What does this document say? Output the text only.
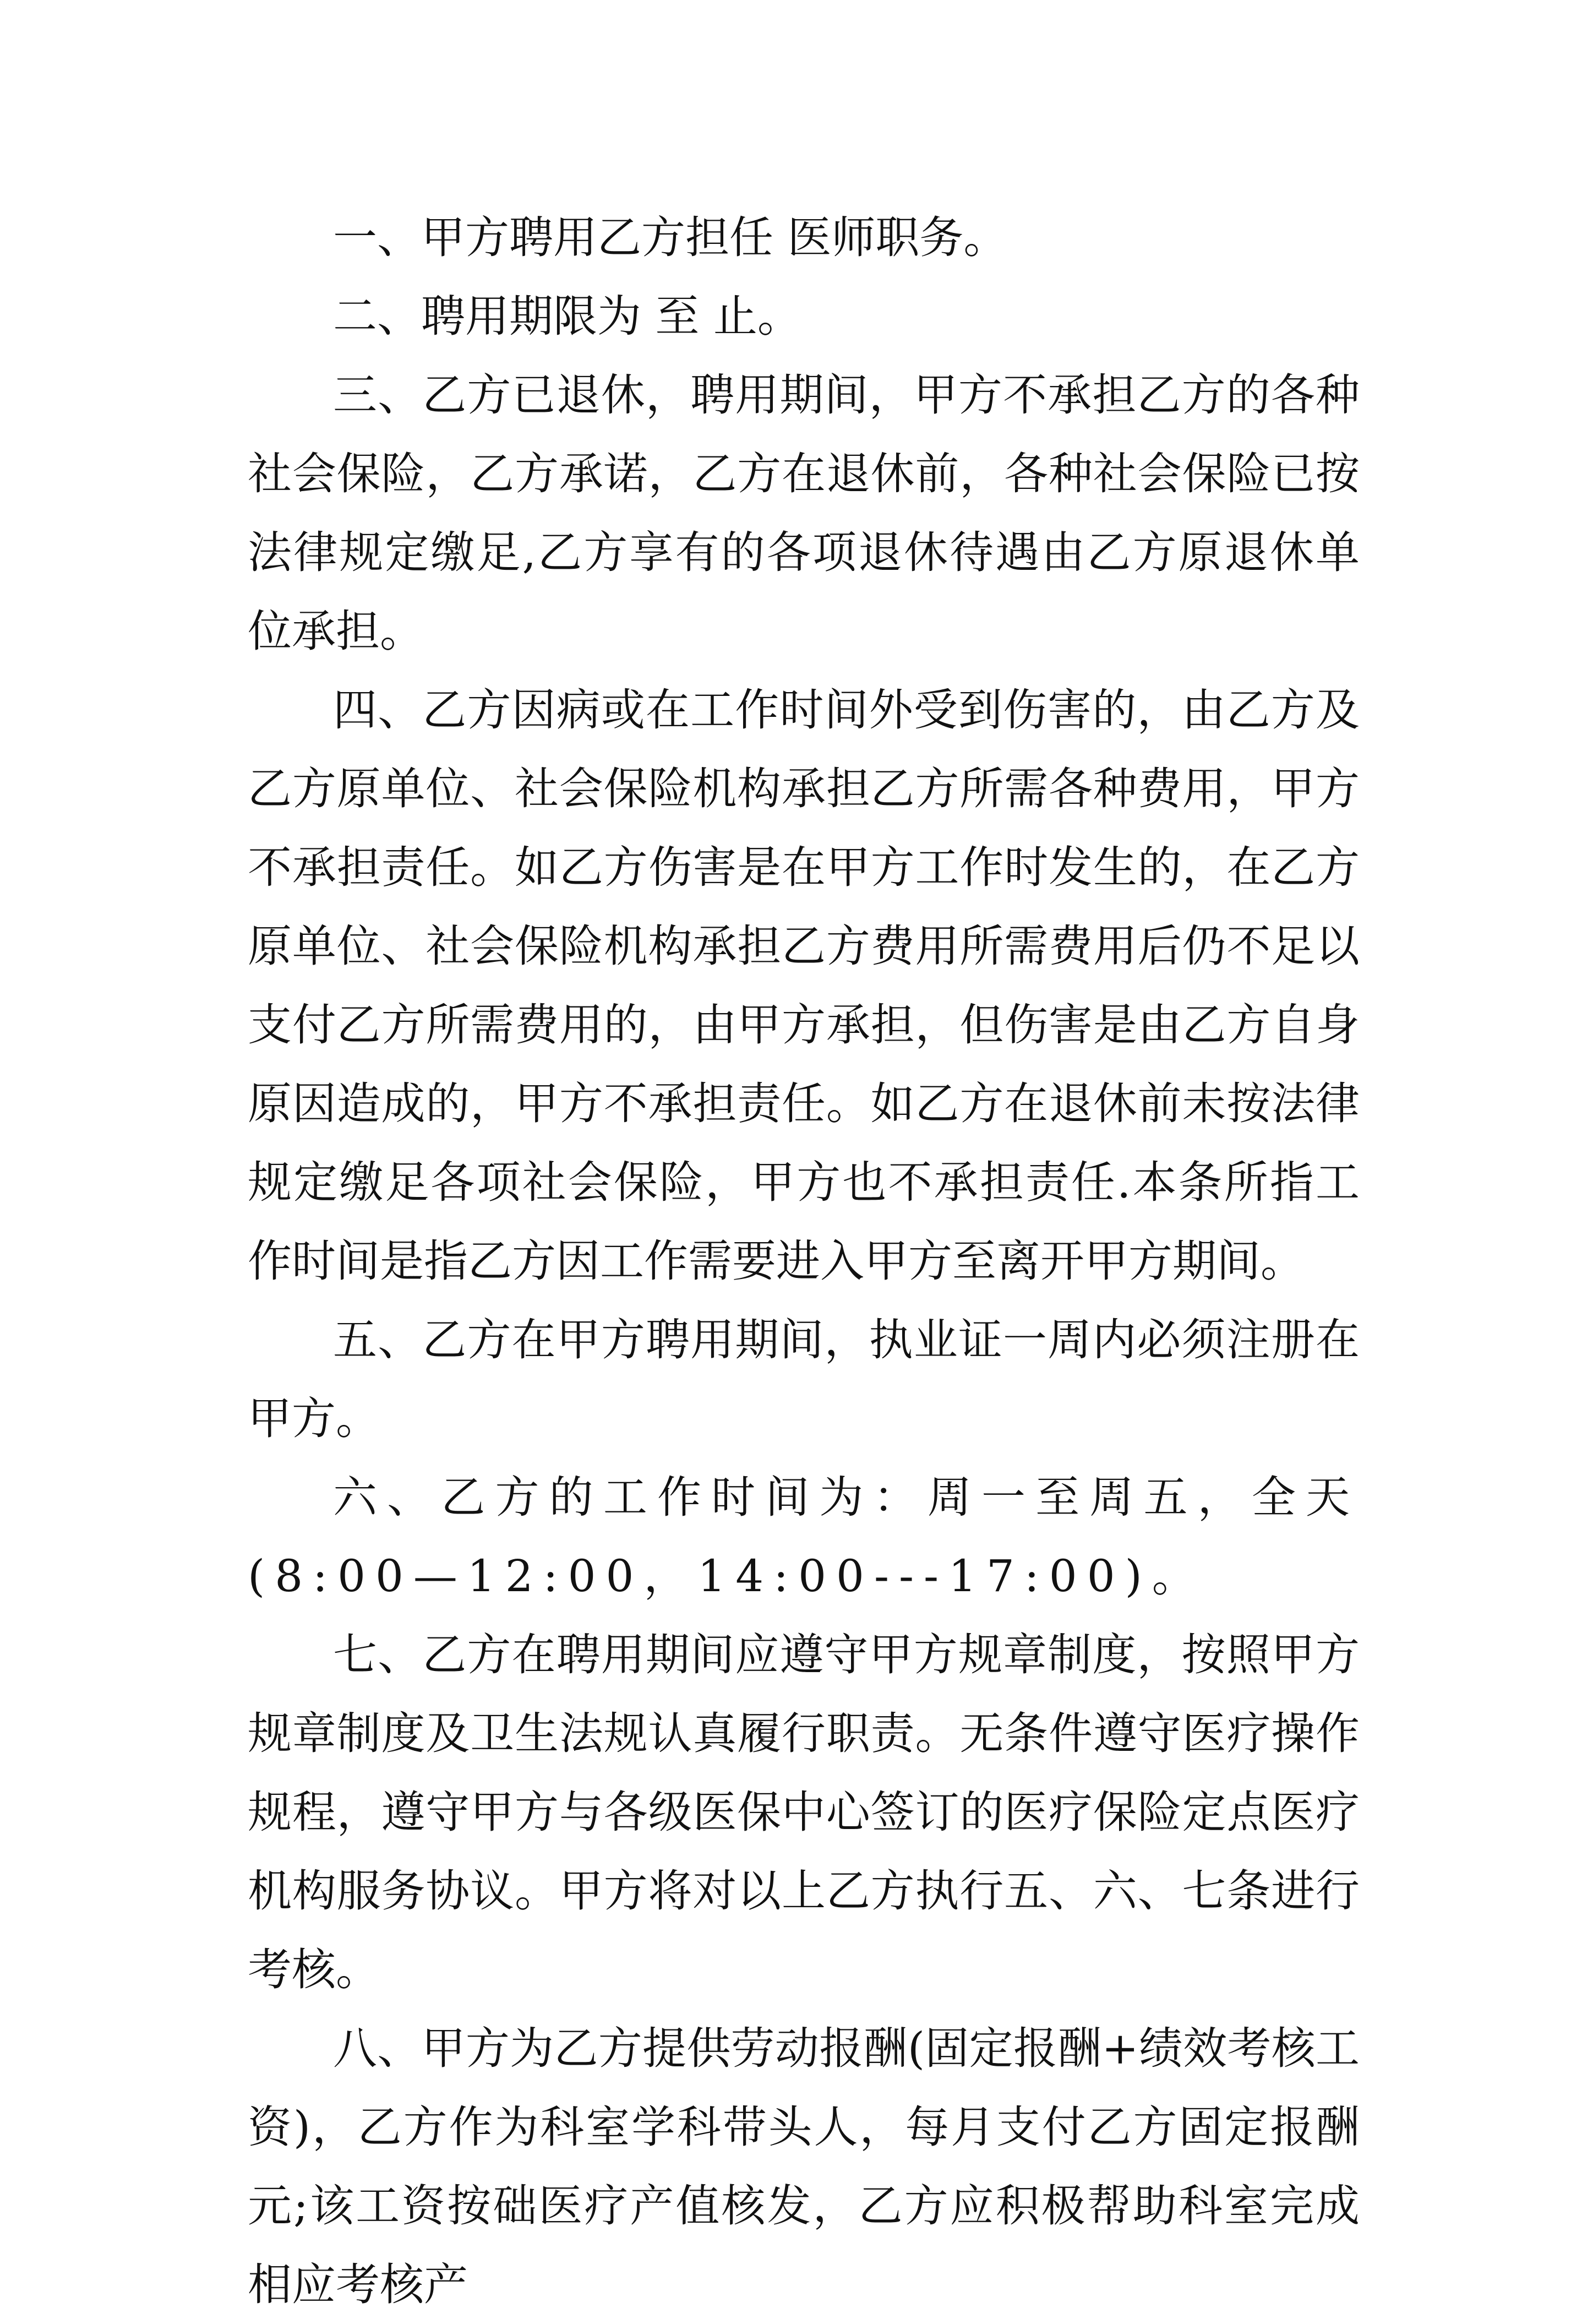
一、甲方聘用乙方担任 医师职务。

二、聘用期限为 至 止。

三、乙方已退休，聘用期间，甲方不承担乙方的各种社会保险，乙方承诺，乙方在退休前，各种社会保险已按法律规定缴足,乙方享有的各项退休待遇由乙方原退休单位承担。

四、乙方因病或在工作时间外受到伤害的，由乙方及乙方原单位、社会保险机构承担乙方所需各种费用，甲方不承担责任。如乙方伤害是在甲方工作时发生的，在乙方原单位、社会保险机构承担乙方费用所需费用后仍不足以支付乙方所需费用的，由甲方承担，但伤害是由乙方自身原因造成的，甲方不承担责任。如乙方在退休前未按法律规定缴足各项社会保险，甲方也不承担责任.本条所指工作时间是指乙方因工作需要进入甲方至离开甲方期间。

五、乙方在甲方聘用期间，执业证一周内必须注册在甲方。

六、乙方的工作时间为：周一至周五，全天(8:00—12:00，14:00---17:00)。

七、乙方在聘用期间应遵守甲方规章制度，按照甲方规章制度及卫生法规认真履行职责。无条件遵守医疗操作规程，遵守甲方与各级医保中心签订的医疗保险定点医疗机构服务协议。甲方将对以上乙方执行五、六、七条进行考核。

八、甲方为乙方提供劳动报酬(固定报酬+绩效考核工资)，乙方作为科室学科带头人，每月支付乙方固定报酬元;该工资按础医疗产值核发，乙方应积极帮助科室完成相应考核产
